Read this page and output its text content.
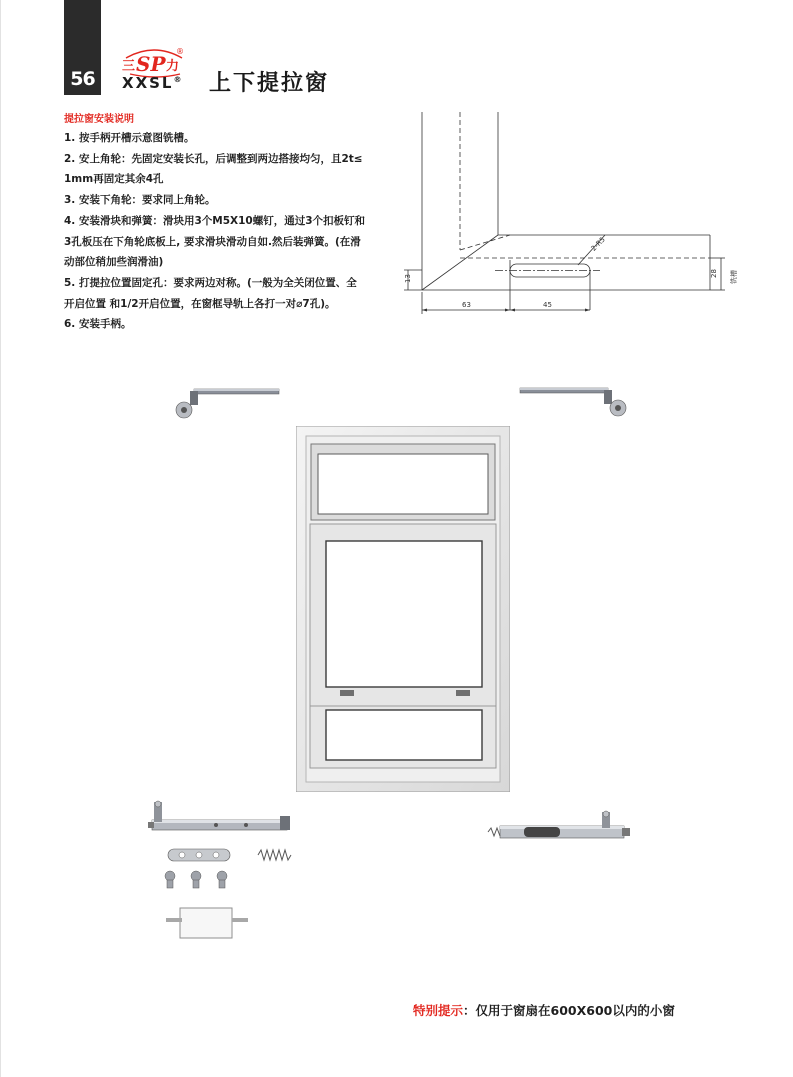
56
三 SP 力
®
XXSL® 上下提拉窗
提拉窗安装说明
1. 按手柄开槽示意图铣槽。
2. 安上角轮：先固定安装长孔，后调整到两边搭接均匀，且2t≤
1mm再固定其余4孔
3. 安装下角轮：要求同上角轮。
4. 安装滑块和弹簧：滑块用3个M5X10螺钉，通过3个扣板钉和
3孔板压在下角轮底板上, 要求滑块滑动自如.然后装弹簧。(在滑
动部位稍加些润滑油)
5. 打提拉位置固定孔：要求两边对称。(一般为全关闭位置、全
开启位置 和1/2开启位置，在窗框导轨上各打一对⌀7孔)。
6. 安装手柄。
13
63	45
28 铣槽
2-R5
特别提示：仅用于窗扇在600X600以内的小窗
